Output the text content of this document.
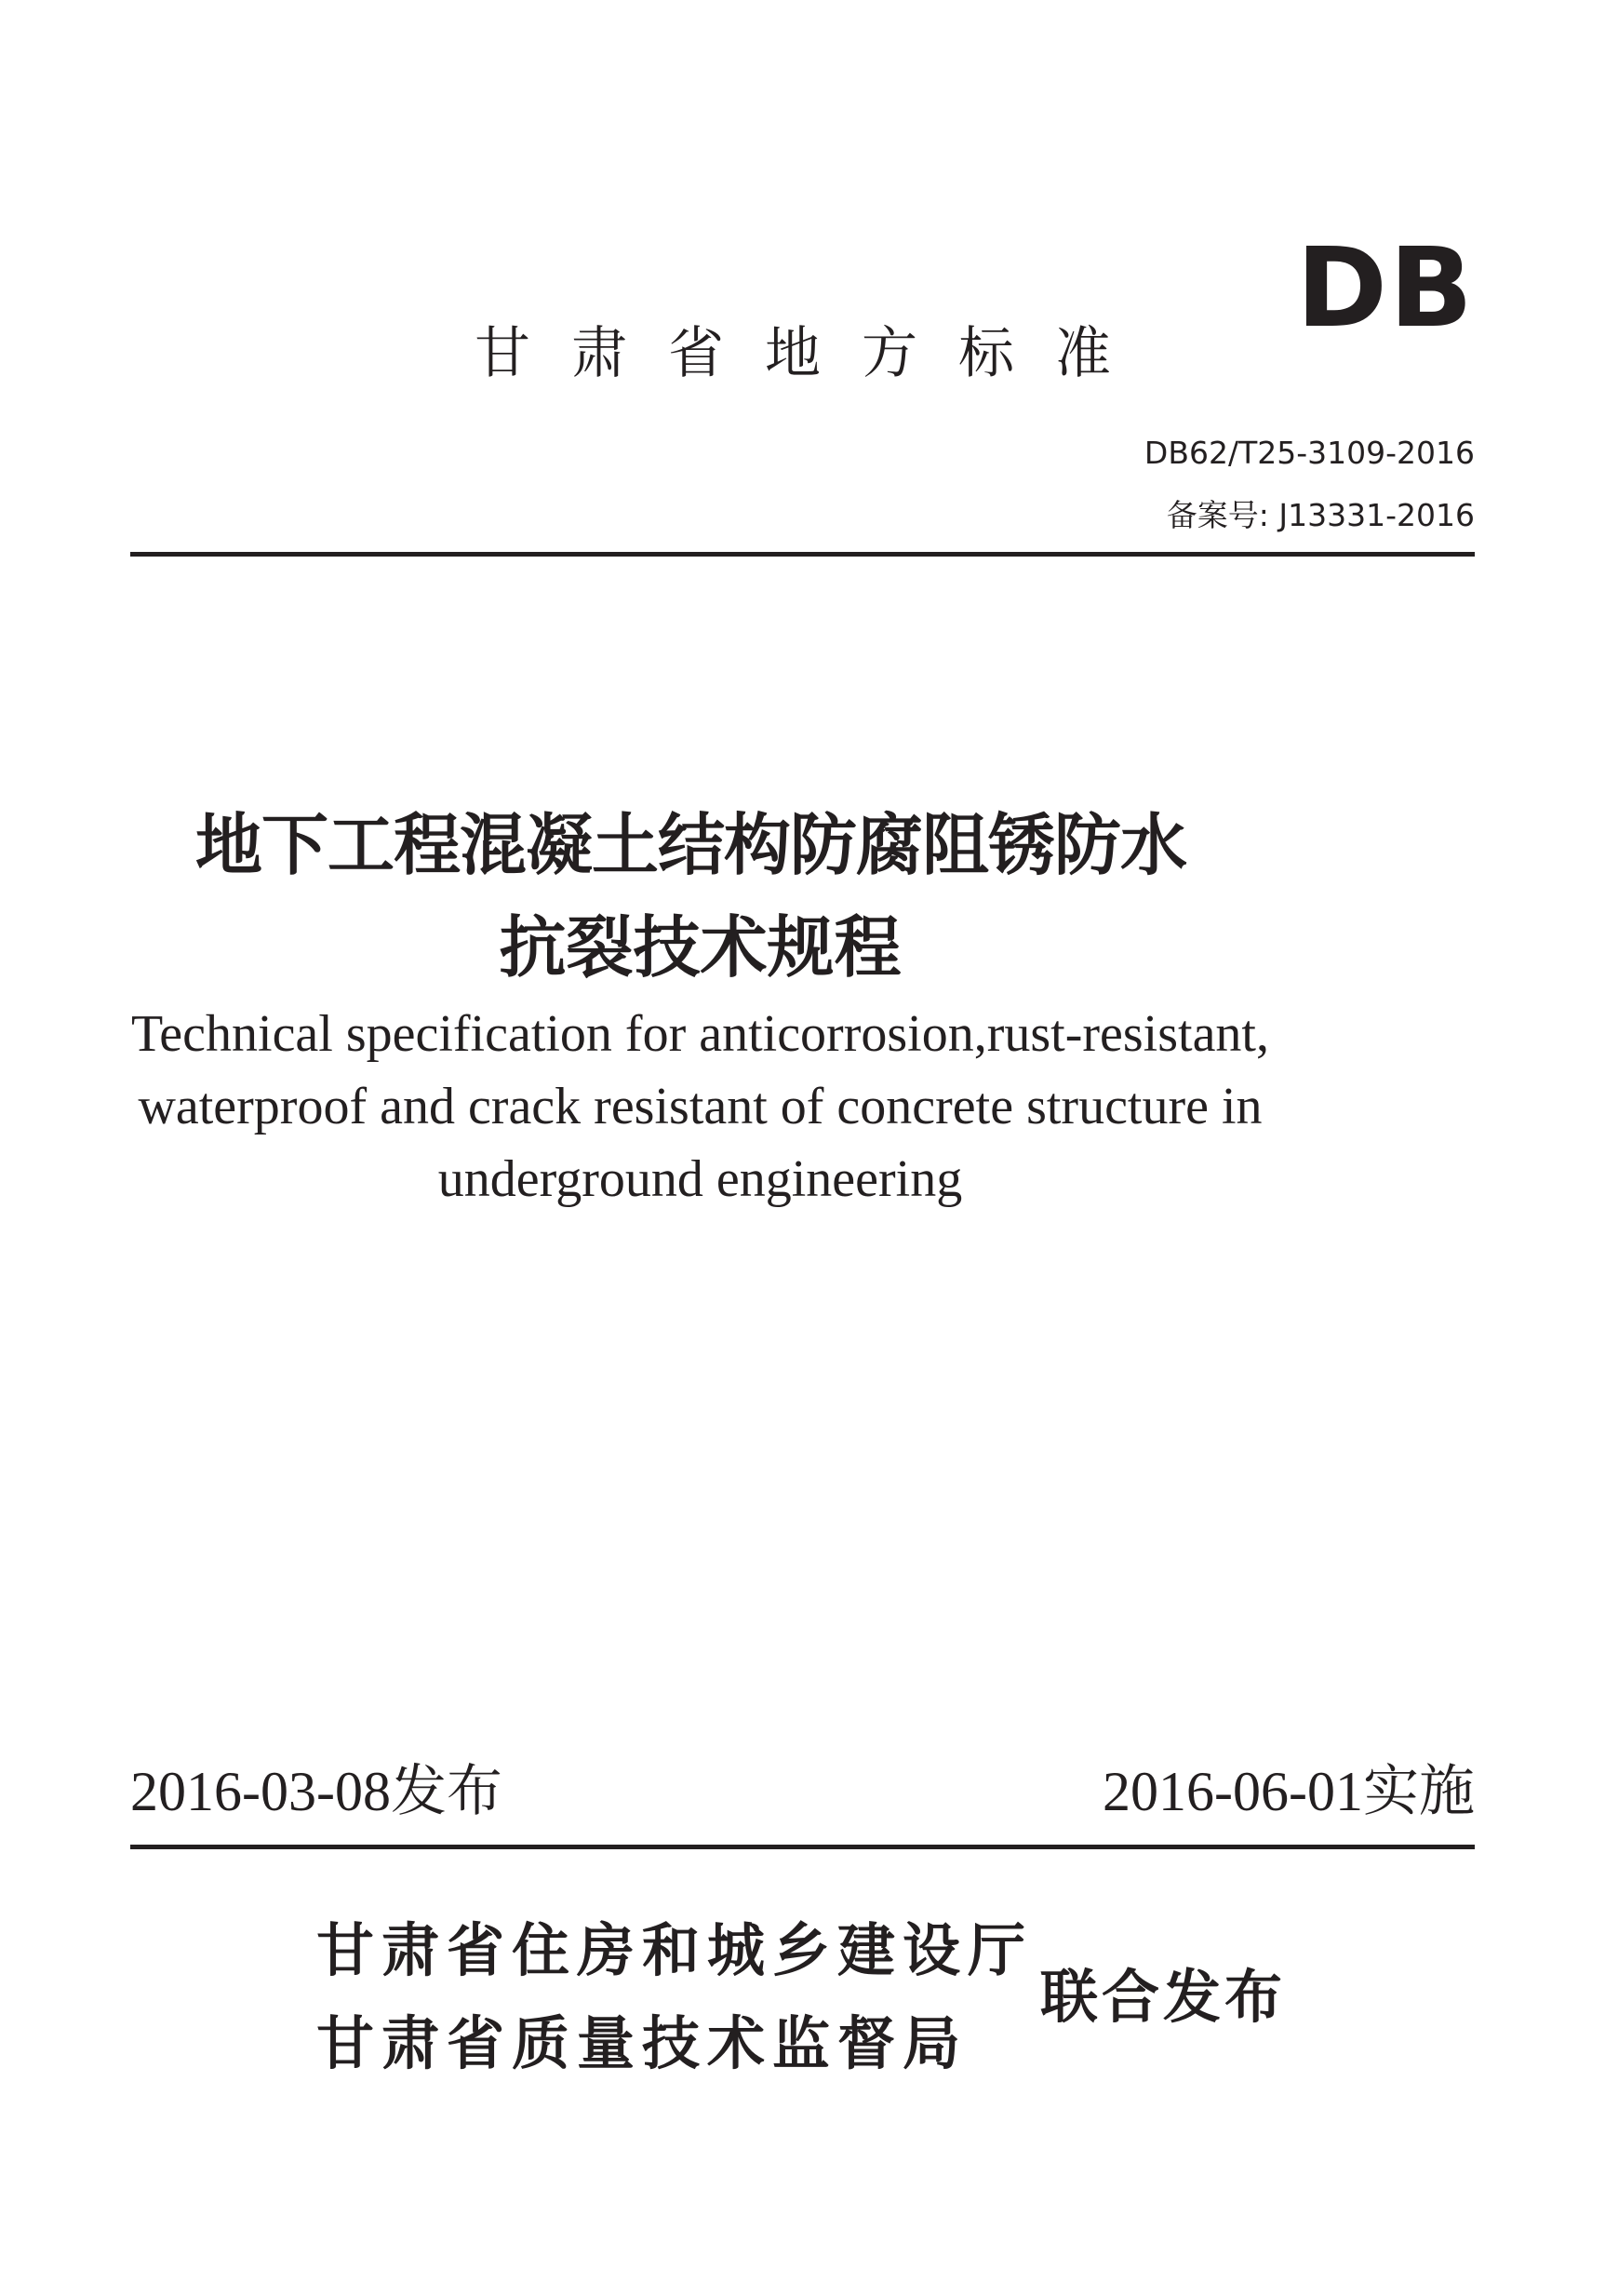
DB
甘肃省地方标准
DB62/T25-3109-2016
备案号: J13331-2016
地下工程混凝土结构防腐阻锈防水
抗裂技术规程
Technical specification for anticorrosion,rust-resistant,
waterproof and crack resistant of concrete structure in
underground engineering
2016-03-08发布	2016-06-01实施
甘肃省住房和城乡建设厅
甘肃省质量技术监督局
联合发布
